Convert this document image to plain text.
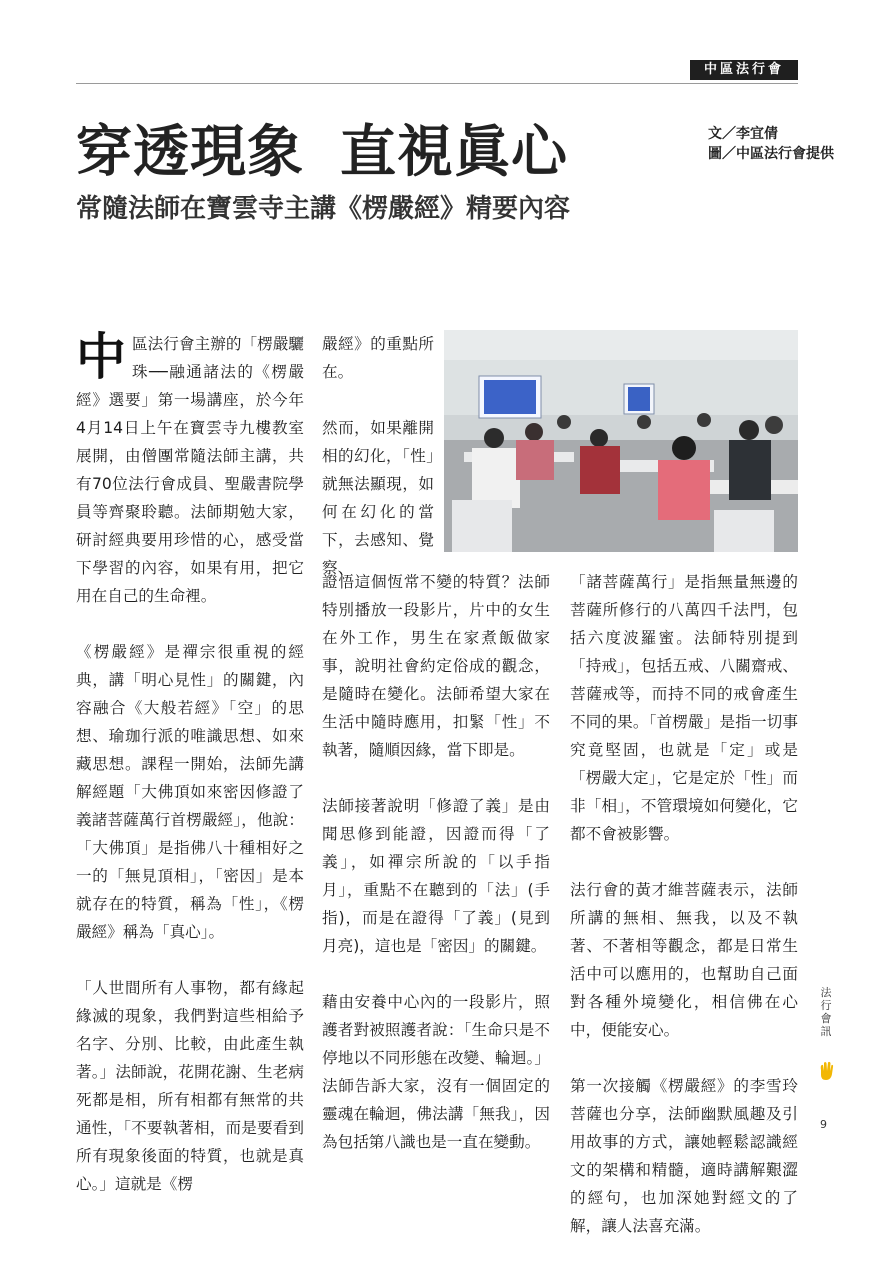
中區法行會
穿透現象 直視眞心
常隨法師在寶雲寺主講《楞嚴經》精要內容
文／李宜倩
圖／中區法行會提供

中區法行會主辦的「楞嚴驪珠──融通諸法的《楞嚴經》選要」第一場講座，於今年4月14日上午在寶雲寺九樓教室展開，由僧團常隨法師主講，共有70位法行會成員、聖嚴書院學員等齊聚聆聽。法師期勉大家，研討經典要用珍惜的心，感受當下學習的內容，如果有用，把它用在自己的生命裡。

《楞嚴經》是禪宗很重視的經典，講「明心見性」的關鍵，內容融合《大般若經》「空」的思想、瑜珈行派的唯識思想、如來藏思想。課程一開始，法師先講解經題「大佛頂如來密因修證了義諸菩薩萬行首楞嚴經」，他說：「大佛頂」是指佛八十種相好之一的「無見頂相」，「密因」是本就存在的特質，稱為「性」，《楞嚴經》稱為「真心」。

「人世間所有人事物，都有緣起緣滅的現象，我們對這些相給予名字、分別、比較，由此產生執著。」法師說，花開花謝、生老病死都是相，所有相都有無常的共通性，「不要執著相，而是要看到所有現象後面的特質，也就是真心。」這就是《楞

嚴經》的重點所在。

然而，如果離開相的幻化，「性」就無法顯現，如何在幻化的當下，去感知、覺察、

證悟這個恆常不變的特質？法師特別播放一段影片，片中的女生在外工作，男生在家煮飯做家事，說明社會約定俗成的觀念，是隨時在變化。法師希望大家在生活中隨時應用，扣緊「性」不執著，隨順因緣，當下即是。

法師接著說明「修證了義」是由聞思修到能證，因證而得「了義」，如禪宗所說的「以手指月」，重點不在聽到的「法」(手指)，而是在證得「了義」(見到月亮)，這也是「密因」的關鍵。

藉由安養中心內的一段影片，照護者對被照護者說：「生命只是不停地以不同形態在改變、輪迴。」法師告訴大家，沒有一個固定的靈魂在輪迴，佛法講「無我」，因為包括第八識也是一直在變動。

「諸菩薩萬行」是指無量無邊的菩薩所修行的八萬四千法門，包括六度波羅蜜。法師特別提到「持戒」，包括五戒、八關齋戒、菩薩戒等，而持不同的戒會產生不同的果。「首楞嚴」是指一切事究竟堅固，也就是「定」或是「楞嚴大定」，它是定於「性」而非「相」，不管環境如何變化，它都不會被影響。

法行會的黃才維菩薩表示，法師所講的無相、無我，以及不執著、不著相等觀念，都是日常生活中可以應用的，也幫助自己面對各種外境變化，相信佛在心中，便能安心。

第一次接觸《楞嚴經》的李雪玲菩薩也分享，法師幽默風趣及引用故事的方式，讓她輕鬆認識經文的架構和精髓，適時講解艱澀的經句，也加深她對經文的了解，讓人法喜充滿。

法行會訊
9
